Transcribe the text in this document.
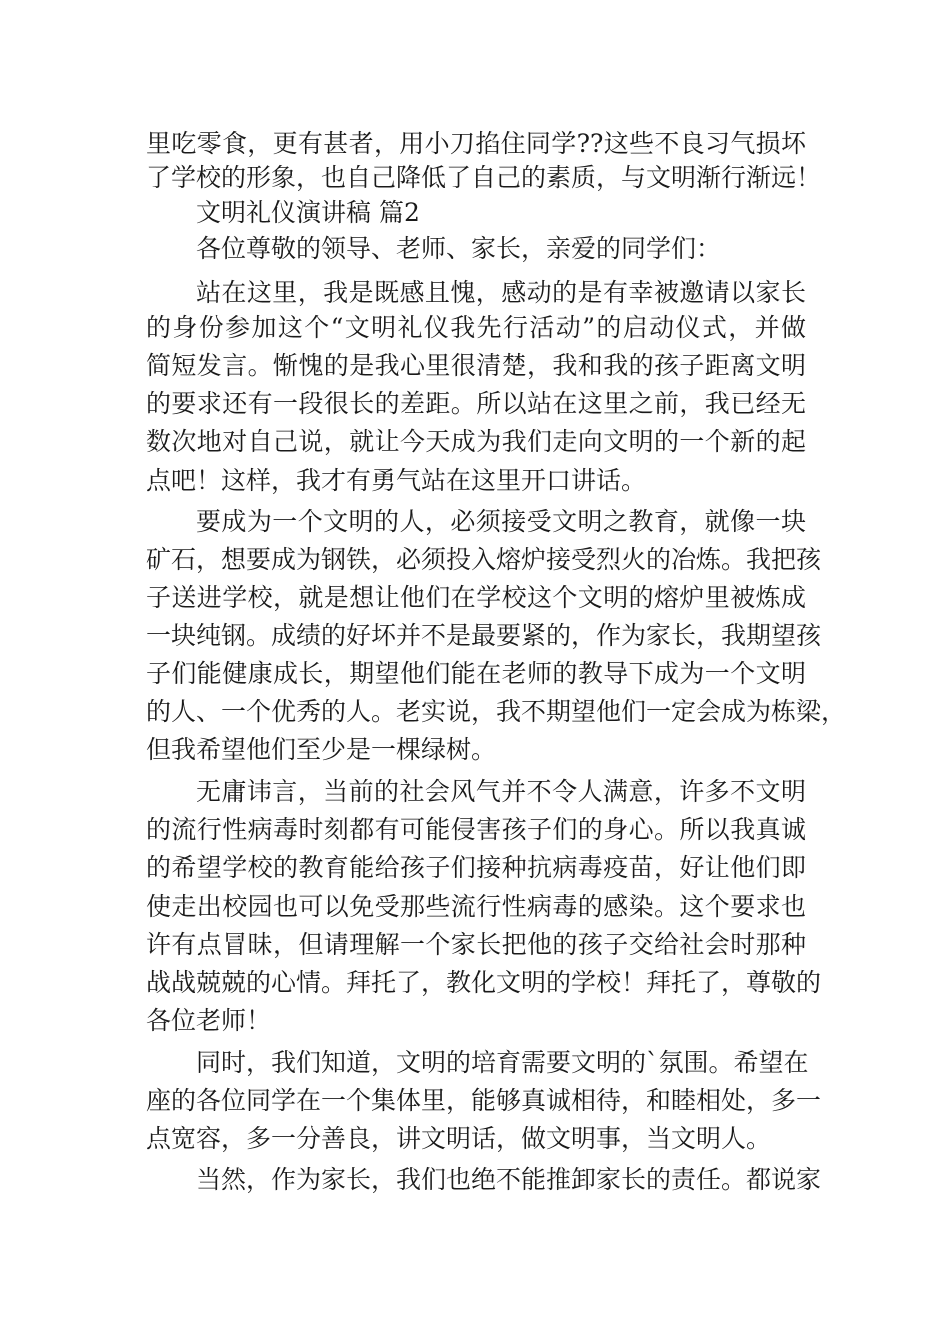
里吃零食，更有甚者，用小刀掐住同学??这些不良习气损坏
了学校的形象，也自己降低了自己的素质，与文明渐行渐远！
文明礼仪演讲稿 篇2
各位尊敬的领导、老师、家长，亲爱的同学们：
站在这里，我是既感且愧，感动的是有幸被邀请以家长
的身份参加这个“文明礼仪我先行活动”的启动仪式，并做
简短发言。惭愧的是我心里很清楚，我和我的孩子距离文明
的要求还有一段很长的差距。所以站在这里之前，我已经无
数次地对自己说，就让今天成为我们走向文明的一个新的起
点吧！这样，我才有勇气站在这里开口讲话。
要成为一个文明的人，必须接受文明之教育，就像一块
矿石，想要成为钢铁，必须投入熔炉接受烈火的冶炼。我把孩
子送进学校，就是想让他们在学校这个文明的熔炉里被炼成
一块纯钢。成绩的好坏并不是最要紧的，作为家长，我期望孩
子们能健康成长，期望他们能在老师的教导下成为一个文明
的人、一个优秀的人。老实说，我不期望他们一定会成为栋梁，
但我希望他们至少是一棵绿树。
无庸讳言，当前的社会风气并不令人满意，许多不文明
的流行性病毒时刻都有可能侵害孩子们的身心。所以我真诚
的希望学校的教育能给孩子们接种抗病毒疫苗，好让他们即
使走出校园也可以免受那些流行性病毒的感染。这个要求也
许有点冒昧，但请理解一个家长把他的孩子交给社会时那种
战战兢兢的心情。拜托了，教化文明的学校！拜托了，尊敬的
各位老师！
同时，我们知道，文明的培育需要文明的`氛围。希望在
座的各位同学在一个集体里，能够真诚相待，和睦相处，多一
点宽容，多一分善良，讲文明话，做文明事，当文明人。
当然，作为家长，我们也绝不能推卸家长的责任。都说家
